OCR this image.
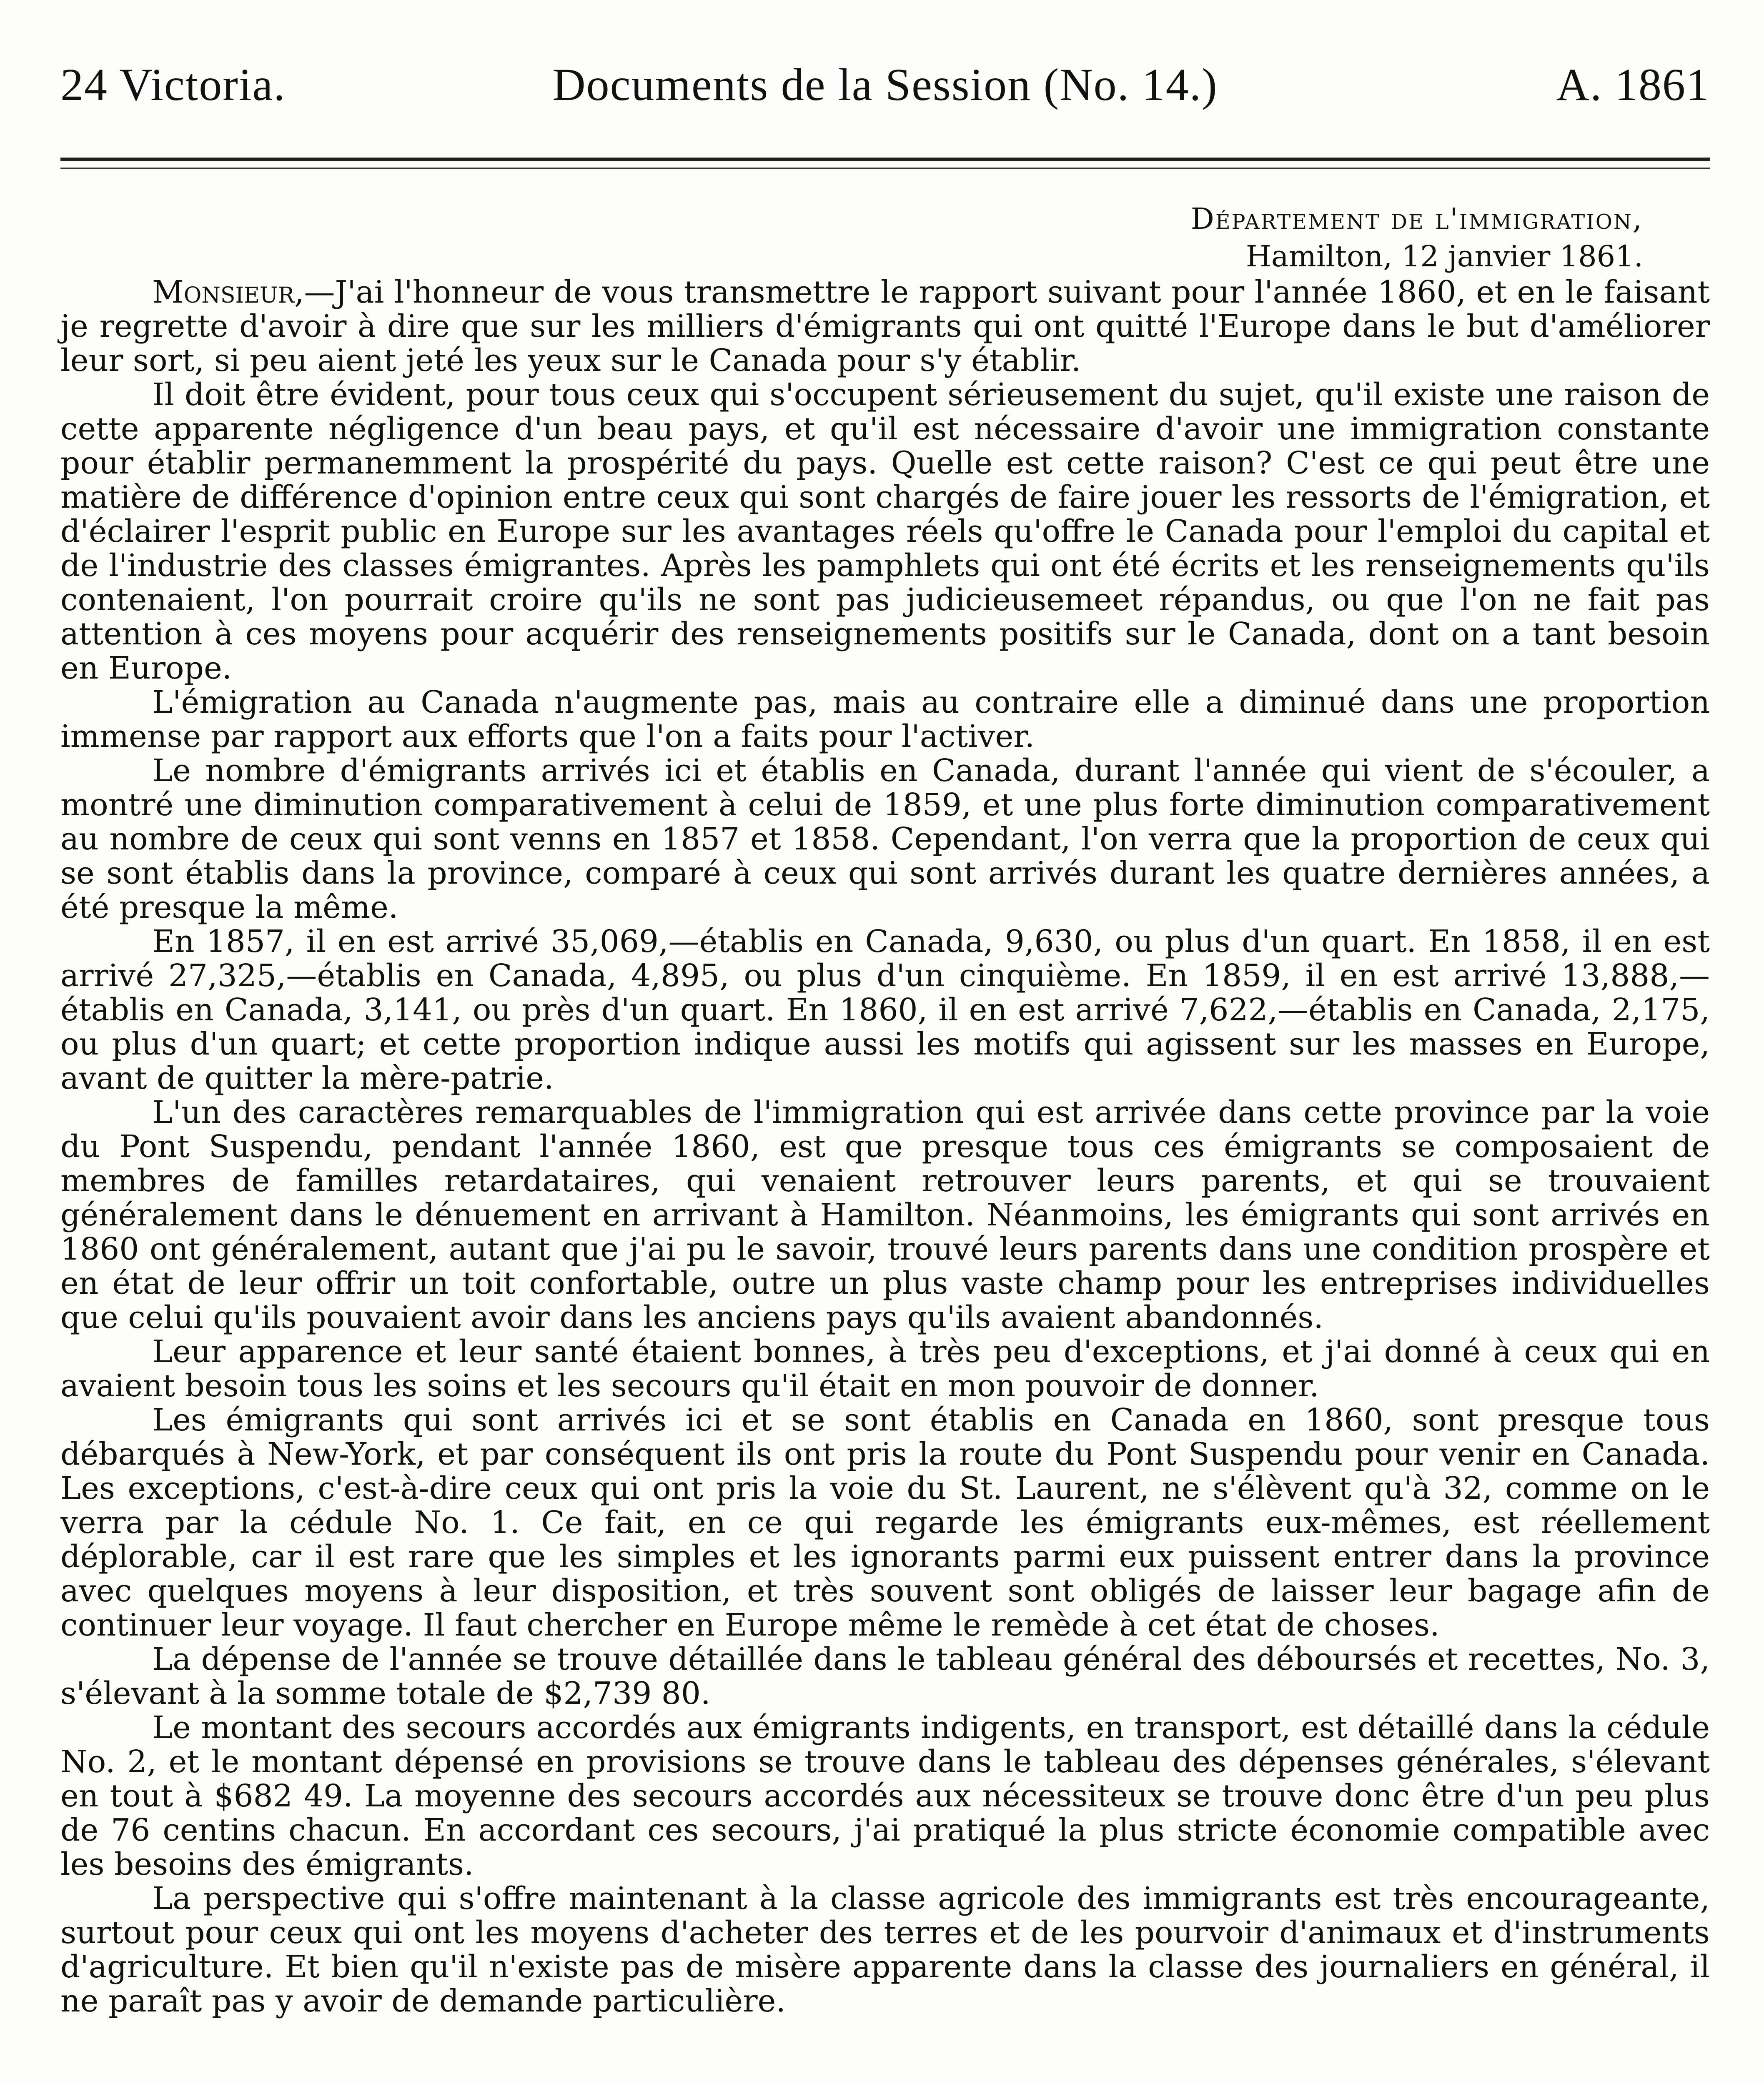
24 Victoria.	Documents de la Session (No. 14.)	A. 1861
Département de l'immigration,
Hamilton, 12 janvier 1861.

Monsieur,—J'ai l'honneur de vous transmettre le rapport suivant pour l'année 1860, et en le faisant je regrette d'avoir à dire que sur les milliers d'émigrants qui ont quitté l'Europe dans le but d'améliorer leur sort, si peu aient jeté les yeux sur le Canada pour s'y établir.

Il doit être évident, pour tous ceux qui s'occupent sérieusement du sujet, qu'il existe une raison de cette apparente négligence d'un beau pays, et qu'il est nécessaire d'avoir une immigration constante pour établir permanemment la prospérité du pays. Quelle est cette raison? C'est ce qui peut être une matière de différence d'opinion entre ceux qui sont chargés de faire jouer les ressorts de l'émigration, et d'éclairer l'esprit public en Europe sur les avantages réels qu'offre le Canada pour l'emploi du capital et de l'industrie des classes émigrantes. Après les pamphlets qui ont été écrits et les renseignements qu'ils contenaient, l'on pourrait croire qu'ils ne sont pas judicieusemeet répandus, ou que l'on ne fait pas attention à ces moyens pour acquérir des renseignements positifs sur le Canada, dont on a tant besoin en Europe.

L'émigration au Canada n'augmente pas, mais au contraire elle a diminué dans une proportion immense par rapport aux efforts que l'on a faits pour l'activer.

Le nombre d'émigrants arrivés ici et établis en Canada, durant l'année qui vient de s'écouler, a montré une diminution comparativement à celui de 1859, et une plus forte diminution comparativement au nombre de ceux qui sont venns en 1857 et 1858. Cependant, l'on verra que la proportion de ceux qui se sont établis dans la province, comparé à ceux qui sont arrivés durant les quatre dernières années, a été presque la même.

En 1857, il en est arrivé 35,069,—établis en Canada, 9,630, ou plus d'un quart. En 1858, il en est arrivé 27,325,—établis en Canada, 4,895, ou plus d'un cinquième. En 1859, il en est arrivé 13,888,—établis en Canada, 3,141, ou près d'un quart. En 1860, il en est arrivé 7,622,—établis en Canada, 2,175, ou plus d'un quart; et cette proportion indique aussi les motifs qui agissent sur les masses en Europe, avant de quitter la mère-patrie.

L'un des caractères remarquables de l'immigration qui est arrivée dans cette province par la voie du Pont Suspendu, pendant l'année 1860, est que presque tous ces émigrants se composaient de membres de familles retardataires, qui venaient retrouver leurs parents, et qui se trouvaient généralement dans le dénuement en arrivant à Hamilton. Néanmoins, les émigrants qui sont arrivés en 1860 ont généralement, autant que j'ai pu le savoir, trouvé leurs parents dans une condition prospère et en état de leur offrir un toit confortable, outre un plus vaste champ pour les entreprises individuelles que celui qu'ils pouvaient avoir dans les anciens pays qu'ils avaient abandonnés.

Leur apparence et leur santé étaient bonnes, à très peu d'exceptions, et j'ai donné à ceux qui en avaient besoin tous les soins et les secours qu'il était en mon pouvoir de donner.

Les émigrants qui sont arrivés ici et se sont établis en Canada en 1860, sont presque tous débarqués à New-York, et par conséquent ils ont pris la route du Pont Suspendu pour venir en Canada. Les exceptions, c'est-à-dire ceux qui ont pris la voie du St. Laurent, ne s'élèvent qu'à 32, comme on le verra par la cédule No. 1. Ce fait, en ce qui regarde les émigrants eux-mêmes, est réellement déplorable, car il est rare que les simples et les ignorants parmi eux puissent entrer dans la province avec quelques moyens à leur disposition, et très souvent sont obligés de laisser leur bagage afin de continuer leur voyage. Il faut chercher en Europe même le remède à cet état de choses.

La dépense de l'année se trouve détaillée dans le tableau général des déboursés et recettes, No. 3, s'élevant à la somme totale de $2,739 80.

Le montant des secours accordés aux émigrants indigents, en transport, est détaillé dans la cédule No. 2, et le montant dépensé en provisions se trouve dans le tableau des dépenses générales, s'élevant en tout à $682 49. La moyenne des secours accordés aux nécessiteux se trouve donc être d'un peu plus de 76 centins chacun. En accordant ces secours, j'ai pratiqué la plus stricte économie compatible avec les besoins des émigrants.

La perspective qui s'offre maintenant à la classe agricole des immigrants est très encourageante, surtout pour ceux qui ont les moyens d'acheter des terres et de les pourvoir d'animaux et d'instruments d'agriculture. Et bien qu'il n'existe pas de misère apparente dans la classe des journaliers en général, il ne paraît pas y avoir de demande particulière.
